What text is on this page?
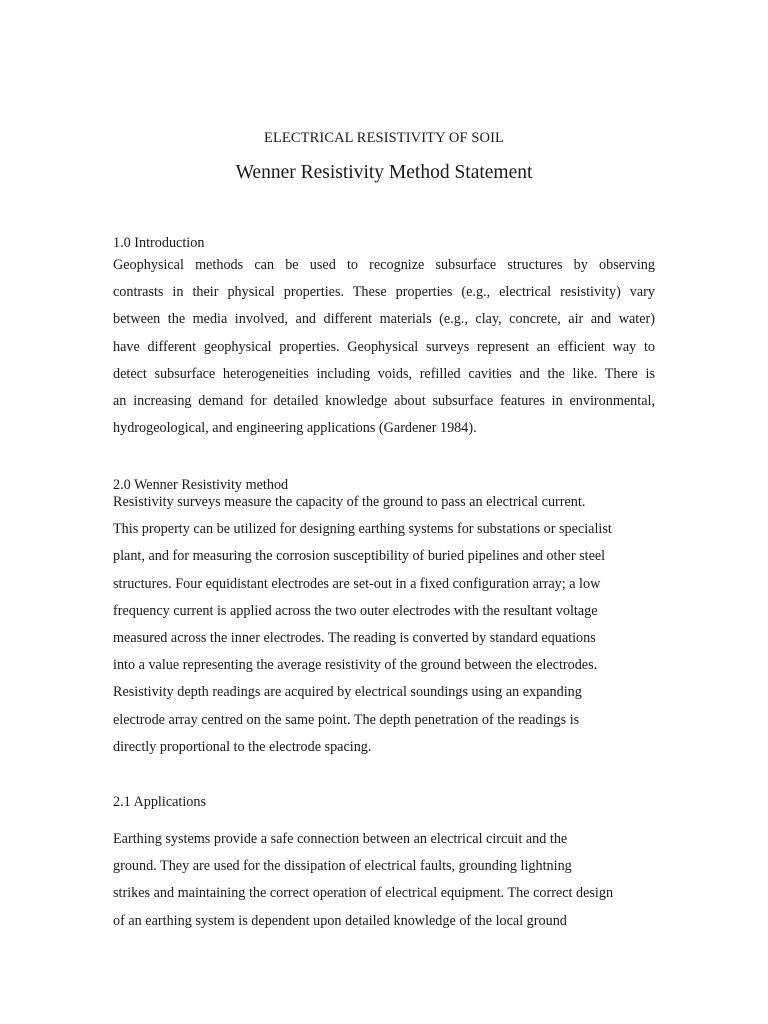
ELECTRICAL RESISTIVITY OF SOIL
Wenner Resistivity Method Statement
1.0 Introduction
Geophysical methods can be used to recognize subsurface structures by observing
contrasts in their physical properties. These properties (e.g., electrical resistivity) vary
between the media involved, and different materials (e.g., clay, concrete, air and water)
have different geophysical properties. Geophysical surveys represent an efficient way to
detect subsurface heterogeneities including voids, refilled cavities and the like. There is
an increasing demand for detailed knowledge about subsurface features in environmental,
hydrogeological, and engineering applications (Gardener 1984).
2.0 Wenner Resistivity method
Resistivity surveys measure the capacity of the ground to pass an electrical current.
This property can be utilized for designing earthing systems for substations or specialist
plant, and for measuring the corrosion susceptibility of buried pipelines and other steel
structures. Four equidistant electrodes are set-out in a fixed configuration array; a low
frequency current is applied across the two outer electrodes with the resultant voltage
measured across the inner electrodes. The reading is converted by standard equations
into a value representing the average resistivity of the ground between the electrodes.
Resistivity depth readings are acquired by electrical soundings using an expanding
electrode array centred on the same point. The depth penetration of the readings is
directly proportional to the electrode spacing.
2.1 Applications
Earthing systems provide a safe connection between an electrical circuit and the
ground. They are used for the dissipation of electrical faults, grounding lightning
strikes and maintaining the correct operation of electrical equipment. The correct design
of an earthing system is dependent upon detailed knowledge of the local ground
